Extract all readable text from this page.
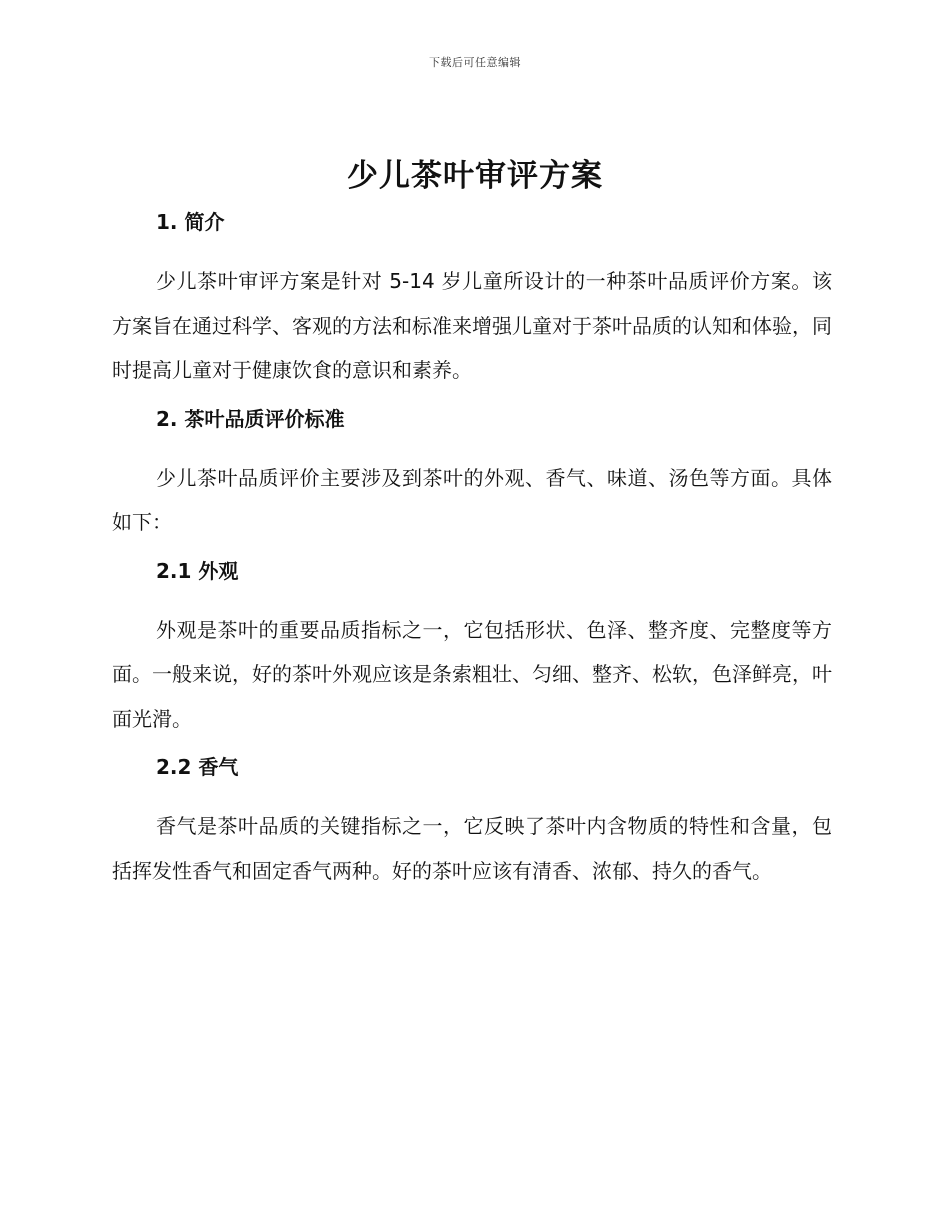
下载后可任意编辑
少儿茶叶审评方案
1. 简介

少儿茶叶审评方案是针对 5-14 岁儿童所设计的一种茶叶品质评价方案。该方案旨在通过科学、客观的方法和标准来增强儿童对于茶叶品质的认知和体验，同时提高儿童对于健康饮食的意识和素养。

2. 茶叶品质评价标准

少儿茶叶品质评价主要涉及到茶叶的外观、香气、味道、汤色等方面。具体如下：

2.1 外观

外观是茶叶的重要品质指标之一，它包括形状、色泽、整齐度、完整度等方面。一般来说，好的茶叶外观应该是条索粗壮、匀细、整齐、松软，色泽鲜亮，叶面光滑。

2.2 香气

香气是茶叶品质的关键指标之一，它反映了茶叶内含物质的特性和含量，包括挥发性香气和固定香气两种。好的茶叶应该有清香、浓郁、持久的香气。
